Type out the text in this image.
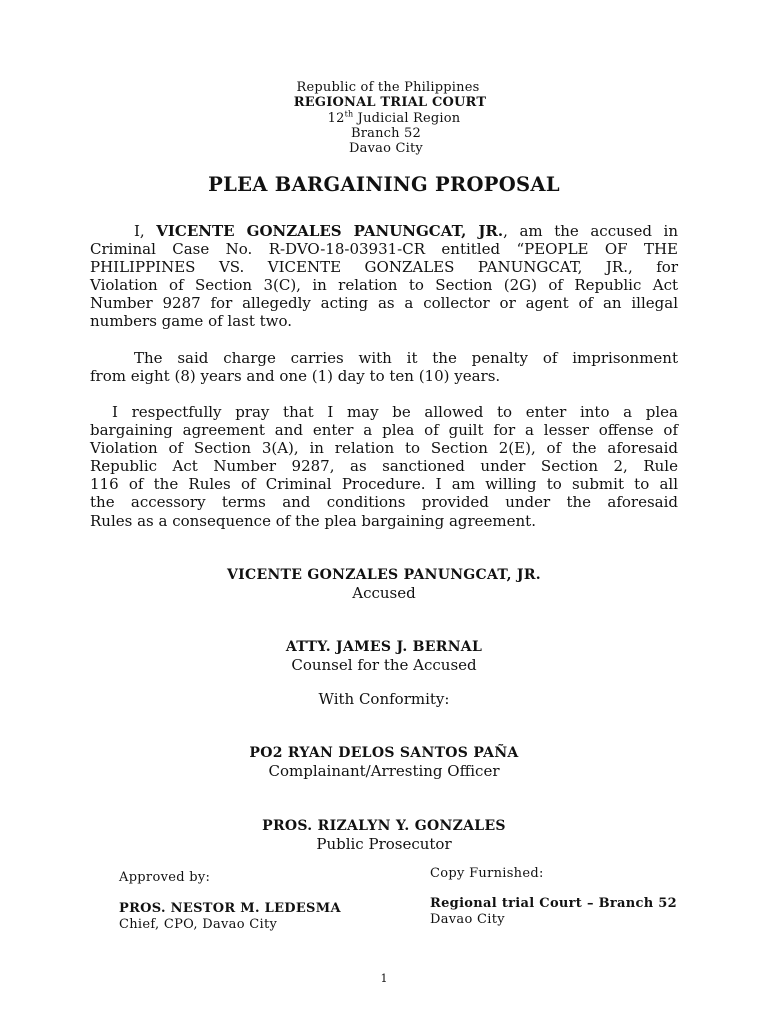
Republic of the Philippines
REGIONAL TRIAL COURT
12th Judicial Region
Branch 52
Davao City
PLEA BARGAINING PROPOSAL
I, VICENTE GONZALES PANUNGCAT, JR., am the accused in
Criminal Case No. R-DVO-18-03931-CR entitled “PEOPLE OF THE
PHILIPPINES VS. VICENTE GONZALES PANUNGCAT, JR., for
Violation of Section 3(C), in relation to Section (2G) of Republic Act
Number 9287 for allegedly acting as a collector or agent of an illegal
numbers game of last two.
The said charge carries with it the penalty of imprisonment
from eight (8) years and one (1) day to ten (10) years.
I respectfully pray that I may be allowed to enter into a plea
bargaining agreement and enter a plea of guilt for a lesser offense of
Violation of Section 3(A), in relation to Section 2(E), of the aforesaid
Republic Act Number 9287, as sanctioned under Section 2, Rule
116 of the Rules of Criminal Procedure. I am willing to submit to all
the accessory terms and conditions provided under the aforesaid
Rules as a consequence of the plea bargaining agreement.
VICENTE GONZALES PANUNGCAT, JR.
Accused
ATTY. JAMES J. BERNAL
Counsel for the Accused
With Conformity:
PO2 RYAN DELOS SANTOS PAÑA
Complainant/Arresting Officer
PROS. RIZALYN Y. GONZALES
Public Prosecutor
Approved by:
PROS. NESTOR M. LEDESMA
Chief, CPO, Davao City
Copy Furnished:
Regional trial Court – Branch 52
Davao City
1
